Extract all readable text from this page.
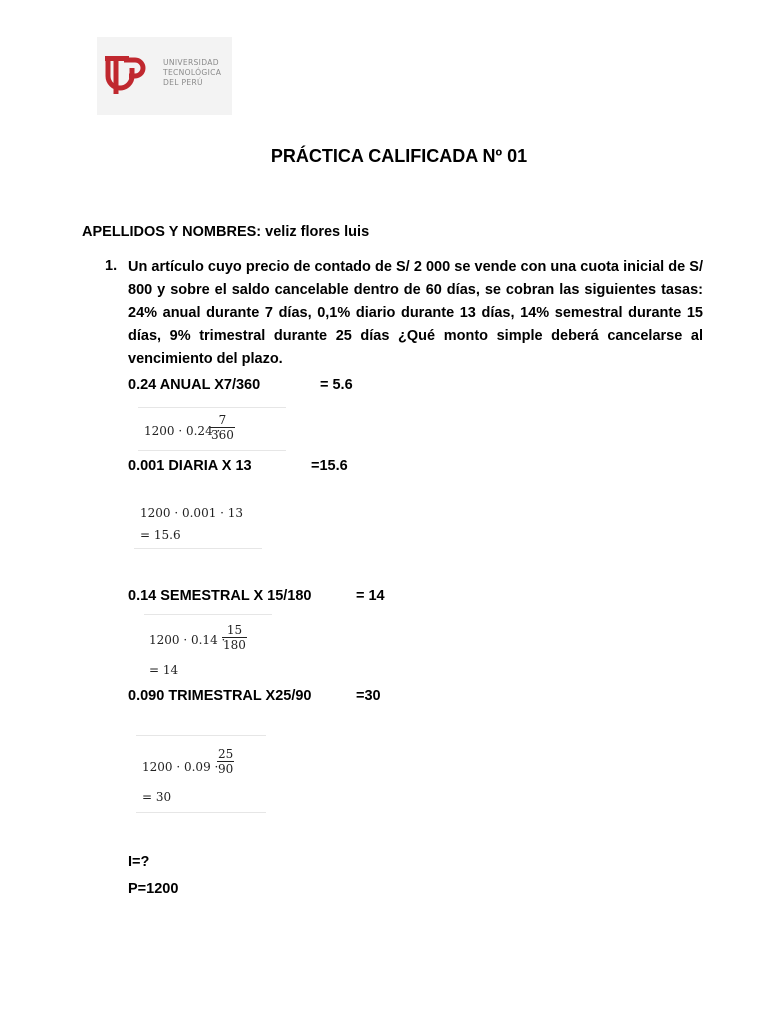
UNIVERSIDAD
TECNOLÓGICA
DEL PERÚ
PRÁCTICA CALIFICADA Nº 01
APELLIDOS Y NOMBRES: veliz flores luis
1. Un artículo cuyo precio de contado de S/ 2 000 se vende con una cuota inicial de S/ 800 y sobre el saldo cancelable dentro de 60 días, se cobran las siguientes tasas: 24% anual durante 7 días, 0,1% diario durante 13 días, 14% semestral durante 15 días, 9% trimestral durante 25 días ¿Qué monto simple deberá cancelarse al vencimiento del plazo.
0.24 ANUAL X7/360	= 5.6
1200 · 0.24 ·
$\frac{7}{360}$
0.001 DIARIA X 13	=15.6
1200 · 0.001 · 13
= 15.6
0.14 SEMESTRAL X 15/180	= 14
1200 · 0.14 ·
$\frac{15}{180}$
= 14
0.090 TRIMESTRAL X25/90	=30
1200 · 0.09 ·
$\frac{25}{90}$
= 30
I=?
P=1200
